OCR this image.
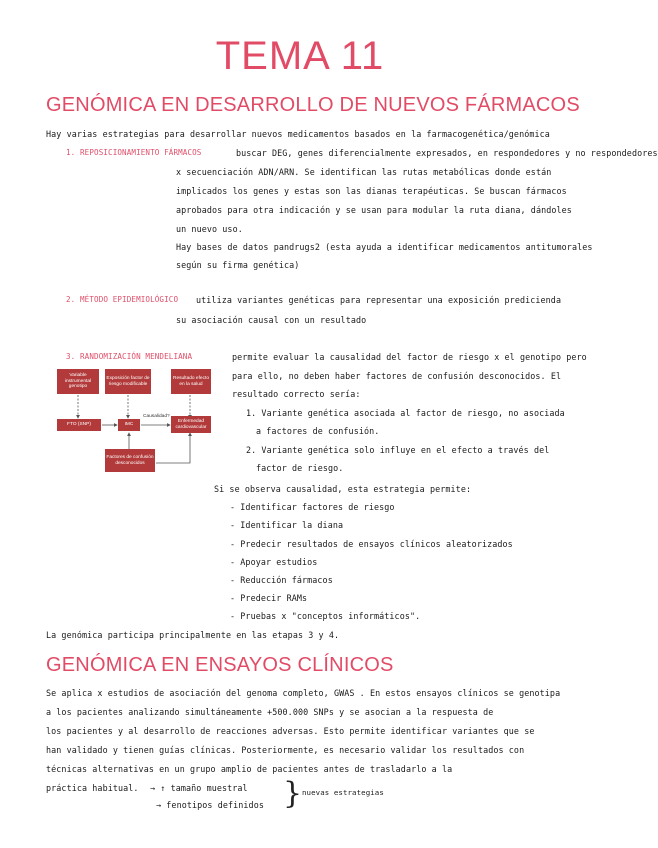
TEMA 11
GENÓMICA EN DESARROLLO DE NUEVOS FÁRMACOS
Hay varias estrategias para desarrollar nuevos medicamentos basados en la farmacogenética/genómica
1. REPOSICIONAMIENTO FÁRMACOS	buscar DEG, genes diferencialmente expresados, en respondedores y no respondedores
x secuenciación ADN/ARN. Se identifican las rutas metabólicas donde están
implicados los genes y estas son las dianas terapéuticas. Se buscan fármacos
aprobados para otra indicación y se usan para modular la ruta diana, dándoles
un nuevo uso.
Hay bases de datos pandrugs2 (esta ayuda a identificar medicamentos antitumorales
según su firma genética)
2. MÉTODO EPIDEMIOLÓGICO utiliza variantes genéticas para representar una exposición predicienda
su asociación causal con un resultado
3. RANDOMIZACIÓN MENDELIANA	permite evaluar la causalidad del factor de riesgo x el genotipo pero
para ello, no deben haber factores de confusión desconocidos. El
resultado correcto sería:
1. Variante genética asociada al factor de riesgo, no asociada
a factores de confusión.
2. Variante genética solo influye en el efecto a través del
factor de riesgo.
Si se observa causalidad, esta estrategia permite:
- Identificar factores de riesgo
- Identificar la diana
- Predecir resultados de ensayos clínicos aleatorizados
- Apoyar estudios
- Reducción fármacos
- Predecir RAMs
- Pruebas x "conceptos informáticos".
La genómica participa principalmente en las etapas 3 y 4.
Variable instrumental genotipo
Exposición factor de riesgo modificable
Resultado efecto en la salud
FTO (SNP)	IMC
Enfermedad cardiovascular
Factores de confusión desconocidos
Causalidad?
GENÓMICA EN ENSAYOS CLÍNICOS
Se aplica x estudios de asociación del genoma completo, GWAS . En estos ensayos clínicos se genotipa
a los pacientes analizando simultáneamente +500.000 SNPs y se asocian a la respuesta de
los pacientes y al desarrollo de reacciones adversas. Esto permite identificar variantes que se
han validado y tienen guías clínicas. Posteriormente, es necesario validar los resultados con
técnicas alternativas en un grupo amplio de pacientes antes de trasladarlo a la
práctica habitual. → ↑ tamaño muestral
→ fenotipos definidos } nuevas estrategias
